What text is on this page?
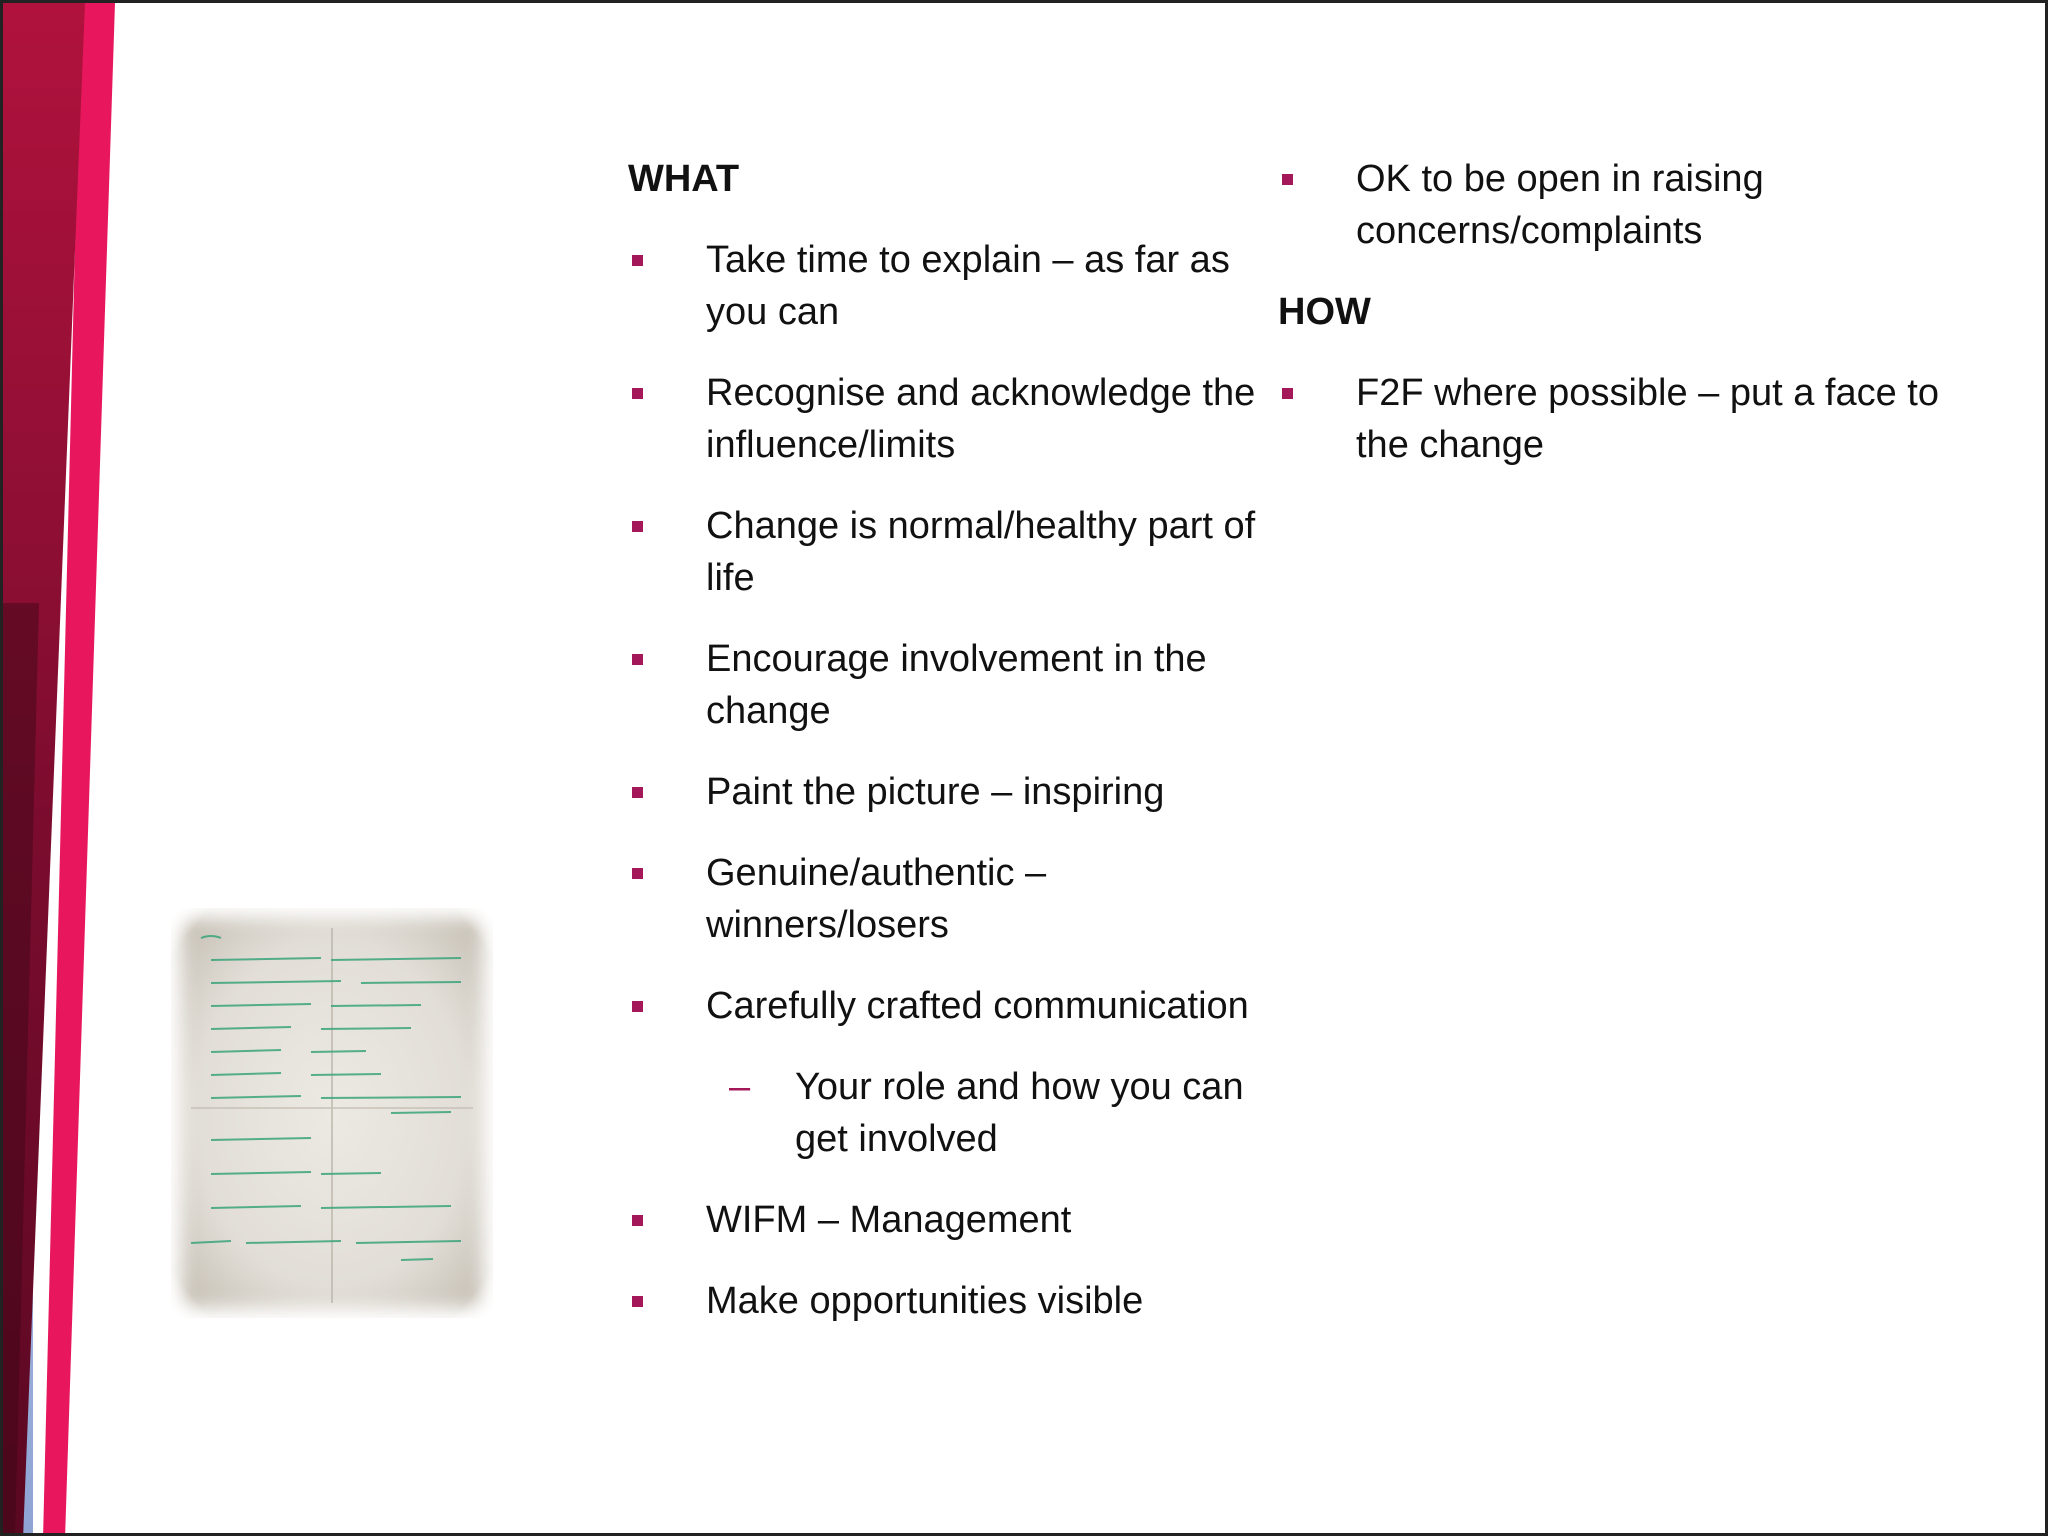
WHAT
Take time to explain – as far as you can
Recognise and acknowledge the influence/limits
Change is normal/healthy part of life
Encourage involvement in the change
Paint the picture – inspiring
Genuine/authentic – winners/losers
Carefully crafted communication
– Your role and how you can get involved
WIFM – Management
Make opportunities visible
OK to be open in raising concerns/complaints
HOW
F2F where possible – put a face to the change
